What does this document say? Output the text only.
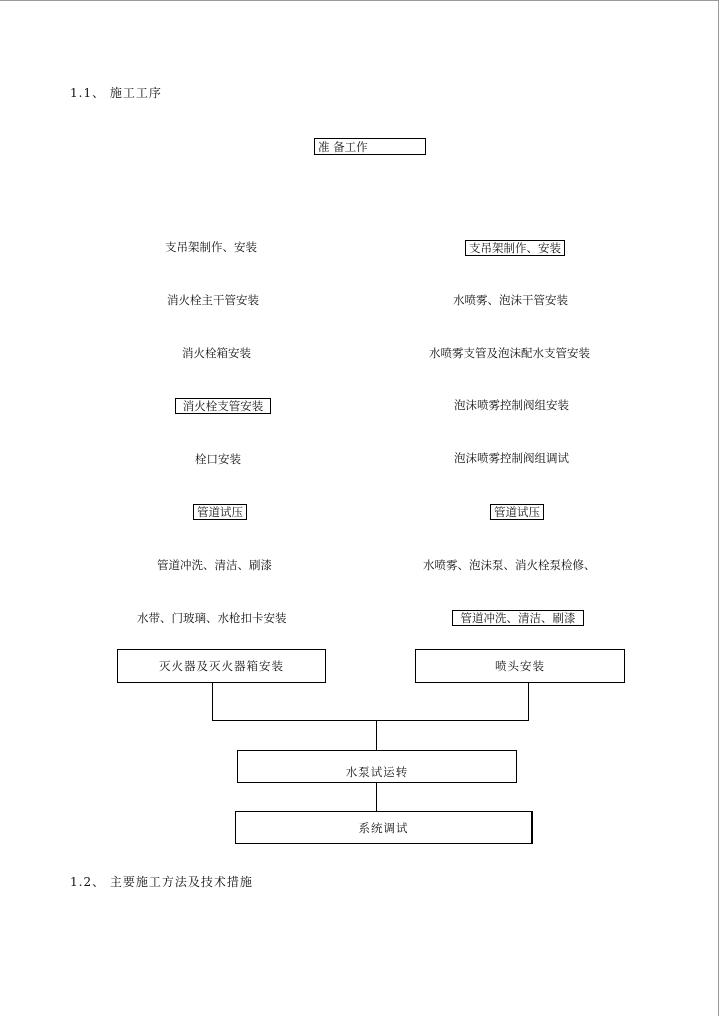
1.1、 施工工序
准 备工作
支吊架制作、安装
消火栓主干管安装
消火栓箱安装
消火栓支管安装
栓口安装
管道试压
管道冲洗、清洁、刷漆
水带、门玻璃、水枪扣卡安装
支吊架制作、安装
水喷雾、泡沫干管安装
水喷雾支管及泡沫配水支管安装
泡沫喷雾控制阀组安装
泡沫喷雾控制阀组调试
管道试压
水喷雾、泡沫泵、消火栓泵检修、
管道冲洗、清洁、刷漆
灭火器及灭火器箱安装	喷头安装
水泵试运转
系统调试
1.2、 主要施工方法及技术措施
